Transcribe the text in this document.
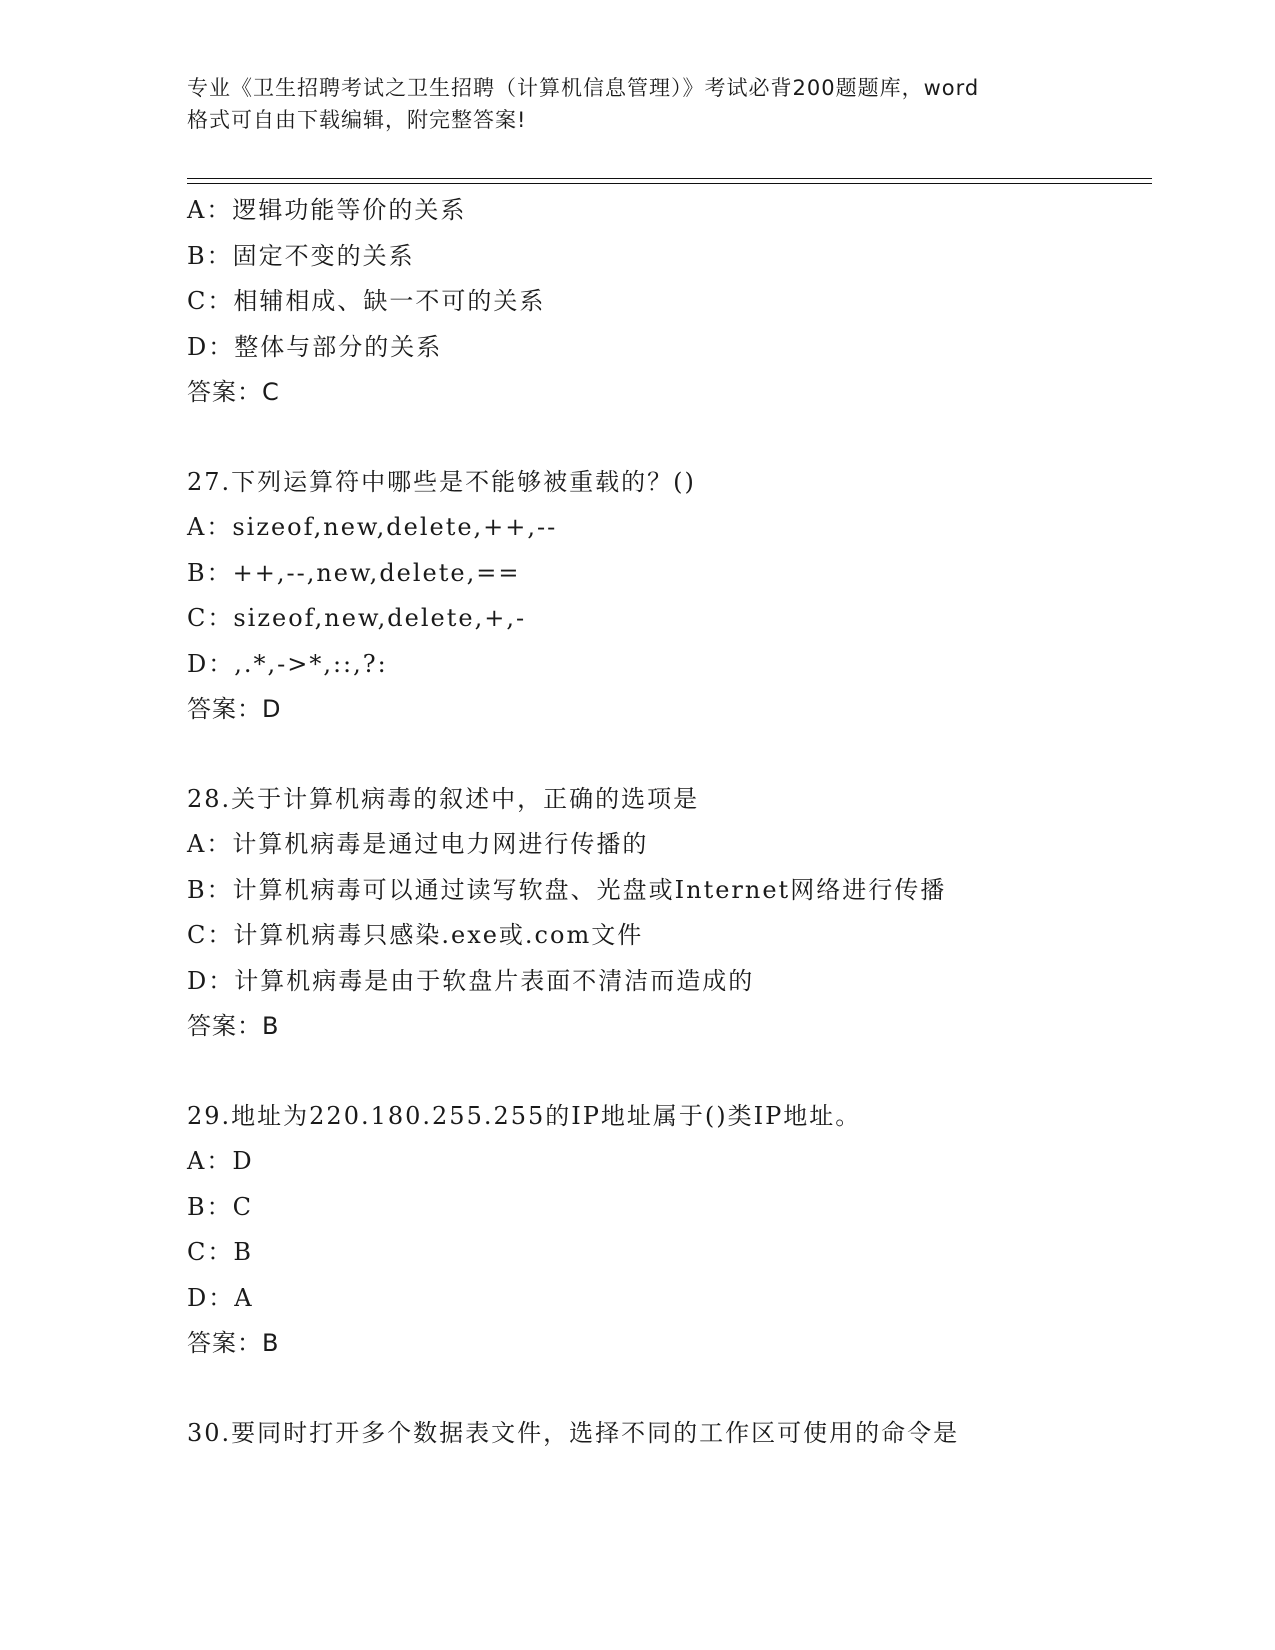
专业《卫生招聘考试之卫生招聘（计算机信息管理）》考试必背200题题库，word
格式可自由下载编辑，附完整答案!
A：逻辑功能等价的关系
B：固定不变的关系
C：相辅相成、缺一不可的关系
D：整体与部分的关系
答案：C
27.下列运算符中哪些是不能够被重载的？()
A：sizeof,new,delete,++,--
B：++,--,new,delete,==
C：sizeof,new,delete,+,-
D：,.*,->*,::,?:
答案：D
28.关于计算机病毒的叙述中，正确的选项是
A：计算机病毒是通过电力网进行传播的
B：计算机病毒可以通过读写软盘、光盘或Internet网络进行传播
C：计算机病毒只感染.exe或.com文件
D：计算机病毒是由于软盘片表面不清洁而造成的
答案：B
29.地址为220.180.255.255的IP地址属于()类IP地址。
A：D
B：C
C：B
D：A
答案：B
30.要同时打开多个数据表文件，选择不同的工作区可使用的命令是
